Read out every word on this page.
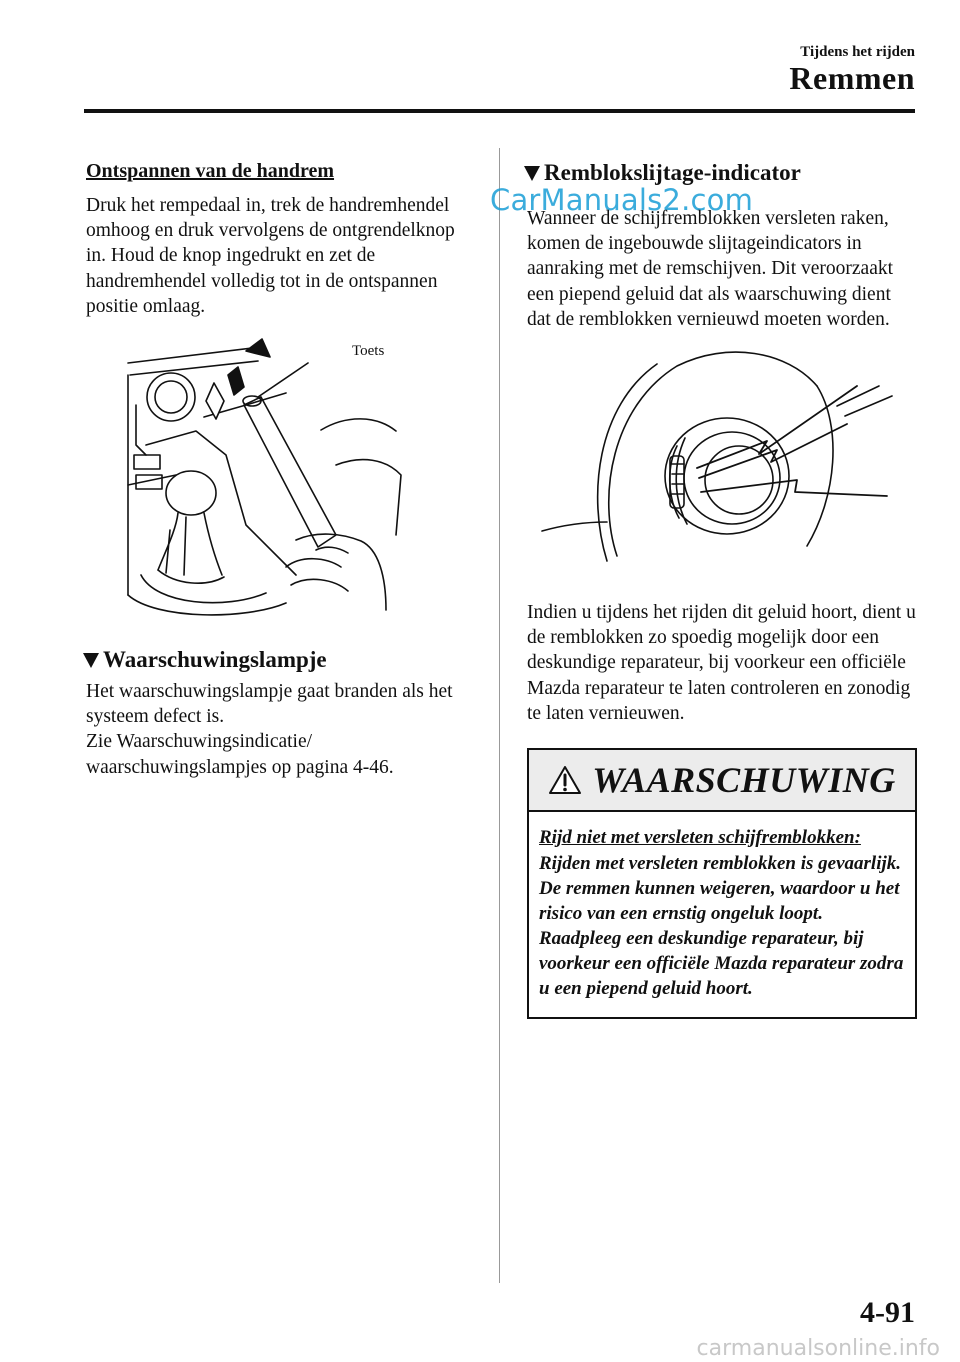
Tijdens het rijden
Remmen
CarManuals2.com

Ontspannen van de handrem

Druk het rempedaal in, trek de handremhendel omhoog en druk vervolgens de ontgrendelknop in. Houd de knop ingedrukt en zet de handremhendel volledig tot in de ontspannen positie omlaag.

Toets
Waarschuwingslampje

Het waarschuwingslampje gaat branden als het systeem defect is.

Zie Waarschuwingsindicatie/ waarschuwingslampjes op pagina 4-46.

Remblokslijtage-indicator

Wanneer de schijfremblokken versleten raken, komen de ingebouwde slijtageindicators in aanraking met de remschijven. Dit veroorzaakt een piepend geluid dat als waarschuwing dient dat de remblokken vernieuwd moeten worden.

Indien u tijdens het rijden dit geluid hoort, dient u de remblokken zo spoedig mogelijk door een deskundige reparateur, bij voorkeur een officiële Mazda reparateur te laten controleren en zonodig te laten vernieuwen.

WAARSCHUWING

Rijd niet met versleten schijfremblokken:

Rijden met versleten remblokken is gevaarlijk. De remmen kunnen weigeren, waardoor u het risico van een ernstig ongeluk loopt. Raadpleeg een deskundige reparateur, bij voorkeur een officiële Mazda reparateur zodra u een piepend geluid hoort.

4-91
carmanualsonline.info
